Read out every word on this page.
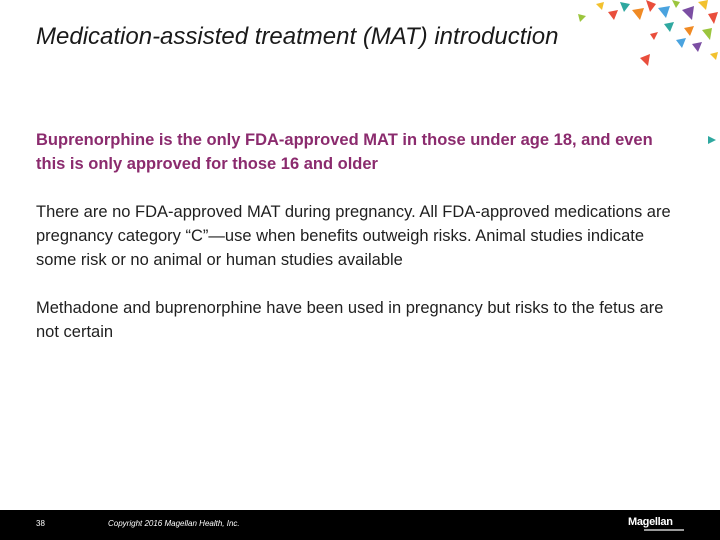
Medication-assisted treatment (MAT) introduction

Buprenorphine is the only FDA-approved MAT in those under age 18, and even this is only approved for those 16 and older

There are no FDA-approved MAT during pregnancy. All FDA-approved medications are pregnancy category “C”—use when benefits outweigh risks. Animal studies indicate some risk or no animal or human studies available

Methadone and buprenorphine have been used in pregnancy but risks to the fetus are not certain

38	Copyright 2016 Magellan Health, Inc.	Magellan
